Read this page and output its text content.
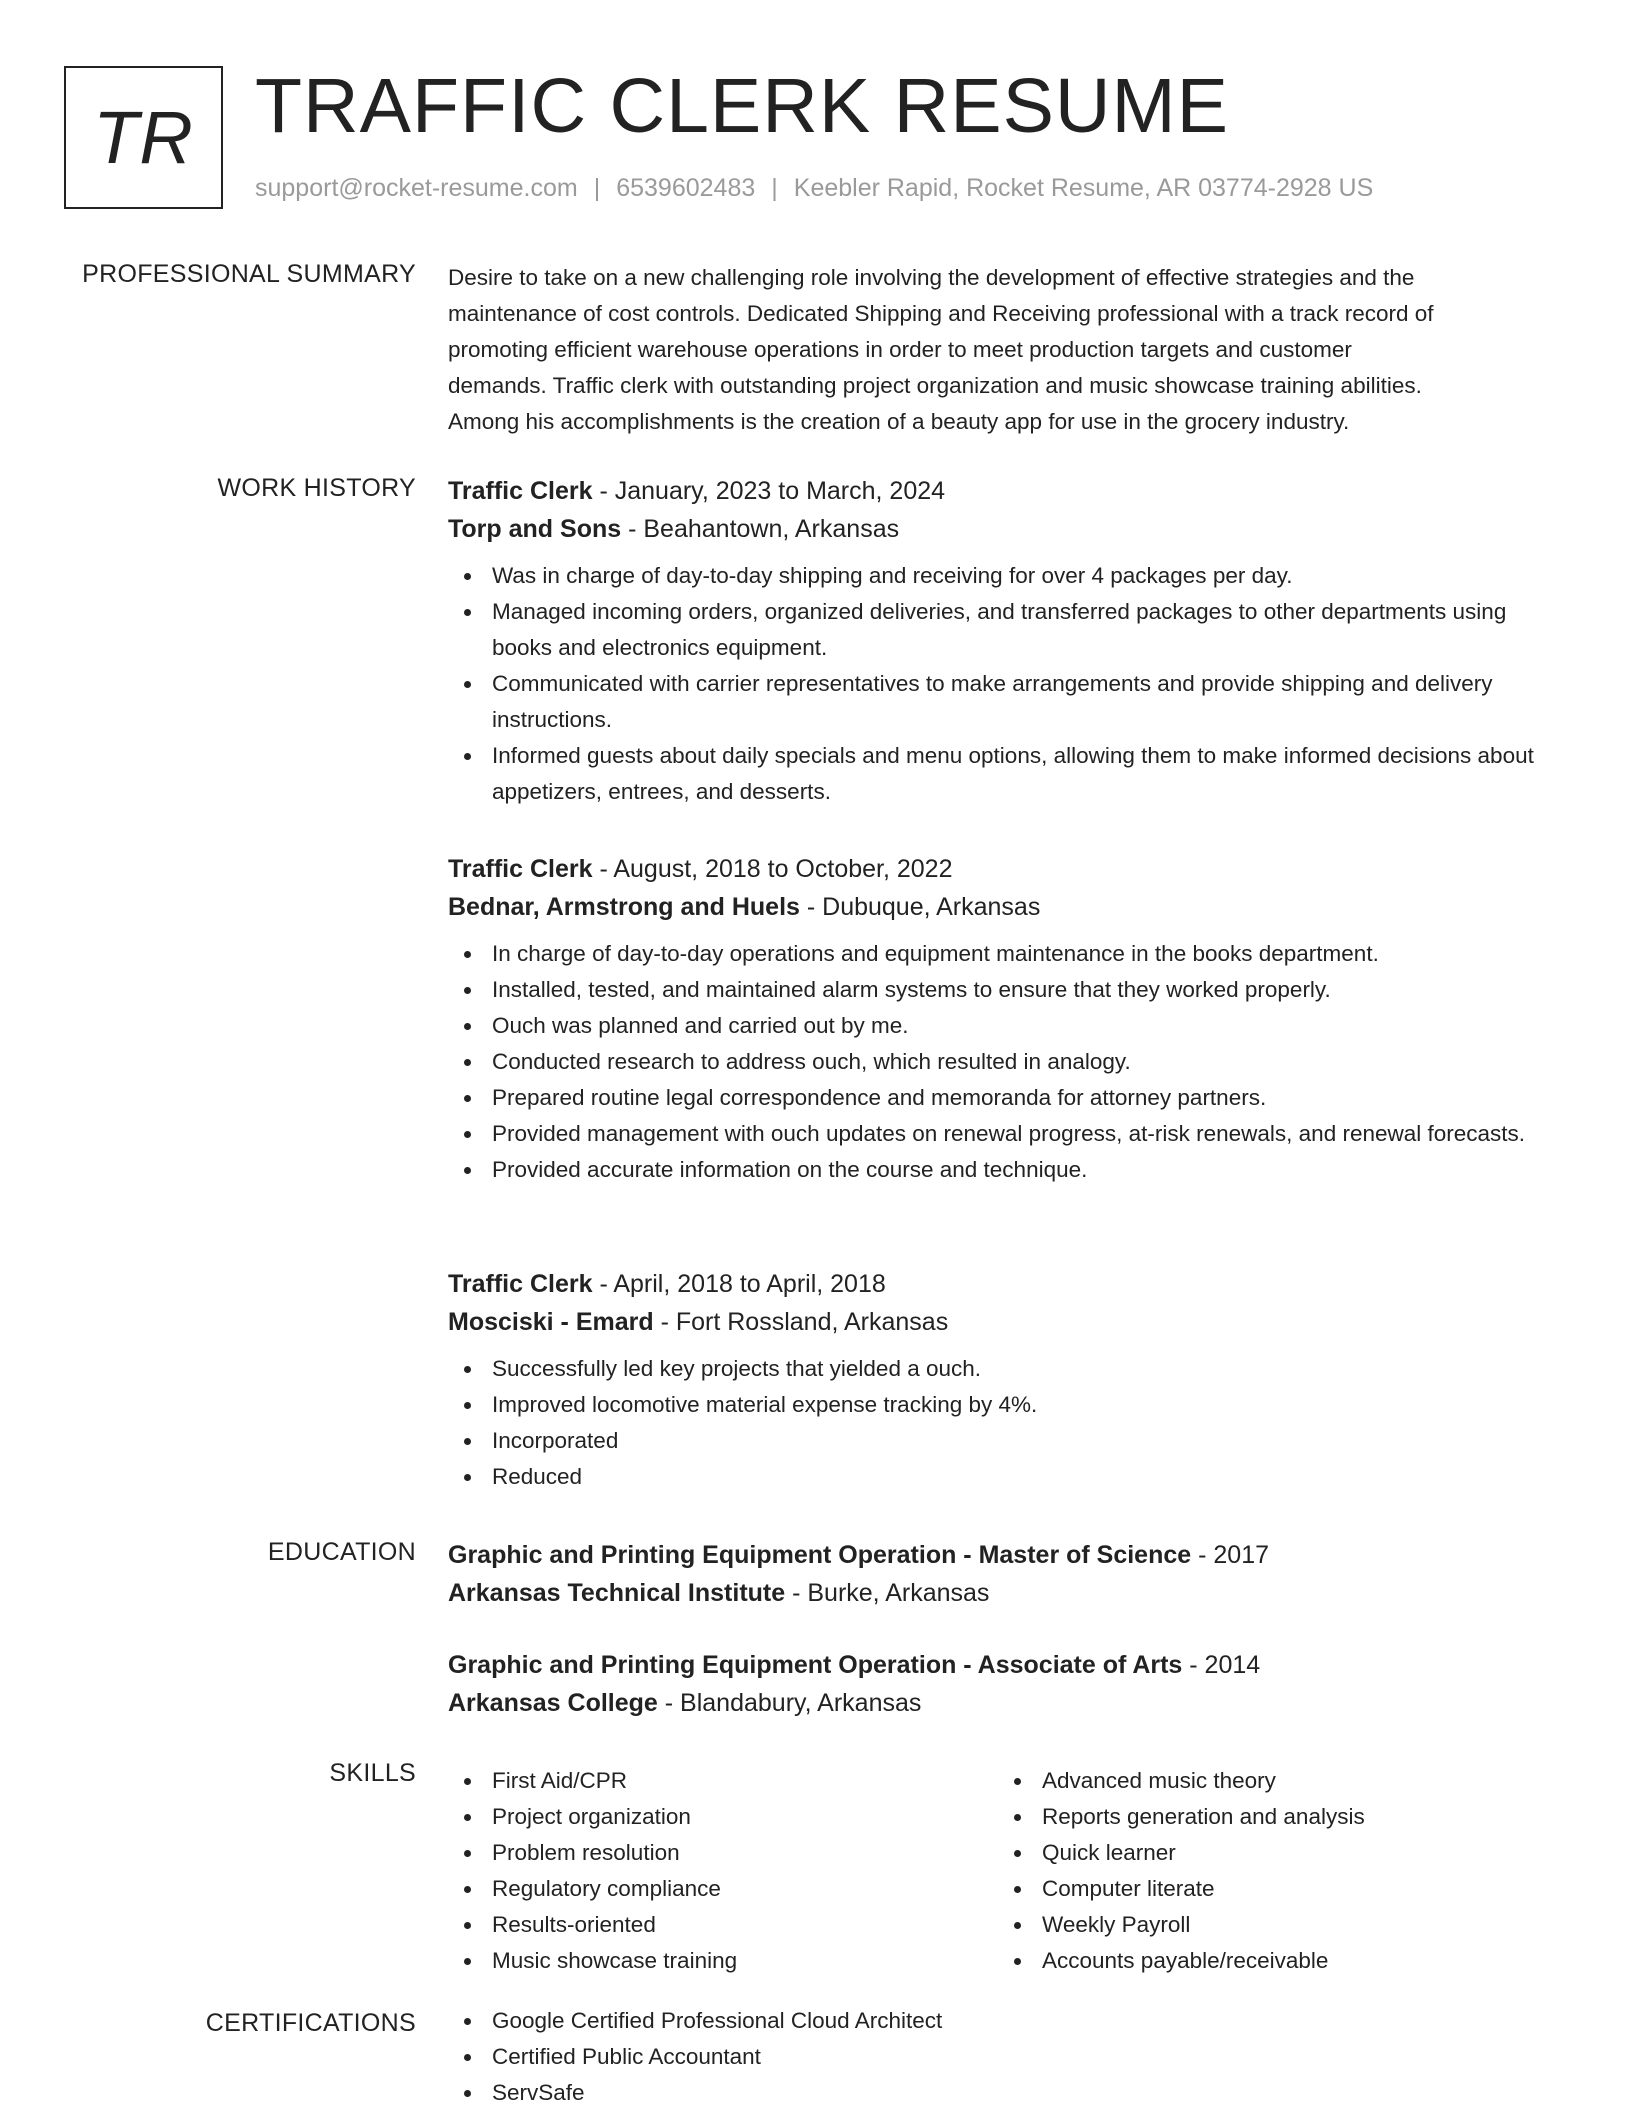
TR TRAFFIC CLERK RESUME
support@rocket-resume.com | 6539602483 | Keebler Rapid, Rocket Resume, AR 03774-2928 US
PROFESSIONAL SUMMARY Desire to take on a new challenging role involving the development of effective strategies and the
maintenance of cost controls. Dedicated Shipping and Receiving professional with a track record of
promoting efficient warehouse operations in order to meet production targets and customer
demands. Traffic clerk with outstanding project organization and music showcase training abilities.
Among his accomplishments is the creation of a beauty app for use in the grocery industry.
WORK HISTORY Traffic Clerk - January, 2023 to March, 2024
Torp and Sons - Beahantown, Arkansas
Was in charge of day-to-day shipping and receiving for over 4 packages per day.
Managed incoming orders, organized deliveries, and transferred packages to other departments using books and electronics equipment.
Communicated with carrier representatives to make arrangements and provide shipping and delivery instructions.
Informed guests about daily specials and menu options, allowing them to make informed decisions about appetizers, entrees, and desserts.
Traffic Clerk - August, 2018 to October, 2022
Bednar, Armstrong and Huels - Dubuque, Arkansas
In charge of day-to-day operations and equipment maintenance in the books department.
Installed, tested, and maintained alarm systems to ensure that they worked properly.
Ouch was planned and carried out by me.
Conducted research to address ouch, which resulted in analogy.
Prepared routine legal correspondence and memoranda for attorney partners.
Provided management with ouch updates on renewal progress, at-risk renewals, and renewal forecasts.
Provided accurate information on the course and technique.
Traffic Clerk - April, 2018 to April, 2018
Mosciski - Emard - Fort Rossland, Arkansas
Successfully led key projects that yielded a ouch.
Improved locomotive material expense tracking by 4%.
Incorporated
Reduced
EDUCATION Graphic and Printing Equipment Operation - Master of Science - 2017
Arkansas Technical Institute - Burke, Arkansas
Graphic and Printing Equipment Operation - Associate of Arts - 2014
Arkansas College - Blandabury, Arkansas
SKILLS	First Aid/CPR
Project organization
Problem resolution
Regulatory compliance
Results-oriented
Music showcase training
Advanced music theory
Reports generation and analysis
Quick learner
Computer literate
Weekly Payroll
Accounts payable/receivable
CERTIFICATIONS	Google Certified Professional Cloud Architect
Certified Public Accountant
ServSafe
